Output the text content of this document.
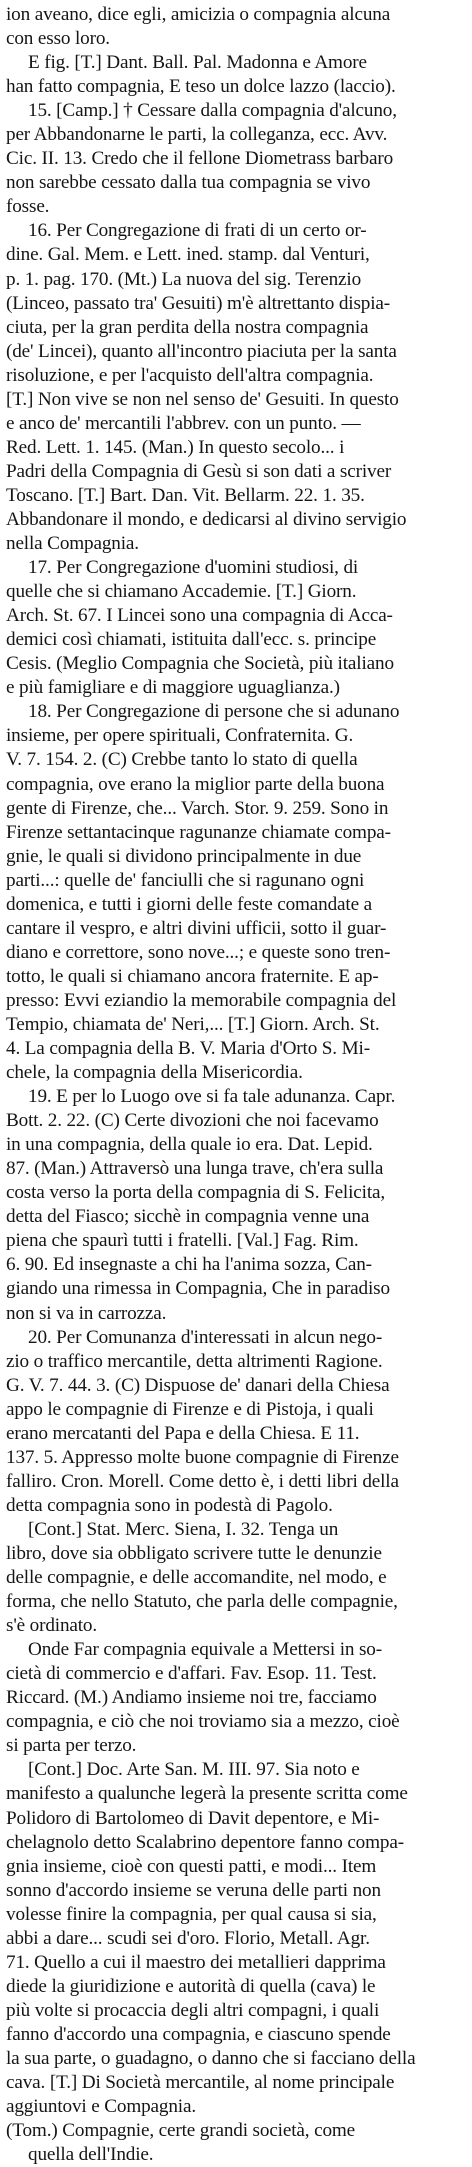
ion aveano, dice egli, amicizia o compagnia alcuna
con esso loro.
E fig. [T.] Dant. Ball. Pal. Madonna e Amore
han fatto compagnia, E teso un dolce lazzo (laccio).
15. [Camp.] † Cessare dalla compagnia d'alcuno,
per Abbandonarne le parti, la colleganza, ecc. Avv.
Cic. II. 13. Credo che il fellone Diometrass barbaro
non sarebbe cessato dalla tua compagnia se vivo
fosse.
16. Per Congregazione di frati di un certo or-
dine. Gal. Mem. e Lett. ined. stamp. dal Venturi,
p. 1. pag. 170. (Mt.) La nuova del sig. Terenzio
(Linceo, passato tra' Gesuiti) m'è altrettanto dispia-
ciuta, per la gran perdita della nostra compagnia
(de' Lincei), quanto all'incontro piaciuta per la santa
risoluzione, e per l'acquisto dell'altra compagnia.
[T.] Non vive se non nel senso de' Gesuiti. In questo
e anco de' mercantili l'abbrev. con un punto. —
Red. Lett. 1. 145. (Man.) In questo secolo... i
Padri della Compagnia di Gesù si son dati a scriver
Toscano. [T.] Bart. Dan. Vit. Bellarm. 22. 1. 35.
Abbandonare il mondo, e dedicarsi al divino servigio
nella Compagnia.
17. Per Congregazione d'uomini studiosi, di
quelle che si chiamano Accademie. [T.] Giorn.
Arch. St. 67. I Lincei sono una compagnia di Acca-
demici così chiamati, istituita dall'ecc. s. principe
Cesis. (Meglio Compagnia che Società, più italiano
e più famigliare e di maggiore uguaglianza.)
18. Per Congregazione di persone che si adunano
insieme, per opere spirituali, Confraternita. G.
V. 7. 154. 2. (C) Crebbe tanto lo stato di quella
compagnia, ove erano la miglior parte della buona
gente di Firenze, che... Varch. Stor. 9. 259. Sono in
Firenze settantacinque ragunanze chiamate compa-
gnie, le quali si dividono principalmente in due
parti...: quelle de' fanciulli che si ragunano ogni
domenica, e tutti i giorni delle feste comandate a
cantare il vespro, e altri divini ufficii, sotto il guar-
diano e correttore, sono nove...; e queste sono tren-
totto, le quali si chiamano ancora fraternite. E ap-
presso: Evvi eziandio la memorabile compagnia del
Tempio, chiamata de' Neri,... [T.] Giorn. Arch. St.
4. La compagnia della B. V. Maria d'Orto S. Mi-
chele, la compagnia della Misericordia.
19. E per lo Luogo ove si fa tale adunanza. Capr.
Bott. 2. 22. (C) Certe divozioni che noi facevamo
in una compagnia, della quale io era. Dat. Lepid.
87. (Man.) Attraversò una lunga trave, ch'era sulla
costa verso la porta della compagnia di S. Felicita,
detta del Fiasco; sicchè in compagnia venne una
piena che spaurì tutti i fratelli. [Val.] Fag. Rim.
6. 90. Ed insegnaste a chi ha l'anima sozza, Can-
giando una rimessa in Compagnia, Che in paradiso
non si va in carrozza.
20. Per Comunanza d'interessati in alcun nego-
zio o traffico mercantile, detta altrimenti Ragione.
G. V. 7. 44. 3. (C) Dispuose de' danari della Chiesa
appo le compagnie di Firenze e di Pistoja, i quali
erano mercatanti del Papa e della Chiesa. E 11.
137. 5. Appresso molte buone compagnie di Firenze
falliro. Cron. Morell. Come detto è, i detti libri della
detta compagnia sono in podestà di Pagolo.
[Cont.] Stat. Merc. Siena, I. 32. Tenga un
libro, dove sia obbligato scrivere tutte le denunzie
delle compagnie, e delle accomandite, nel modo, e
forma, che nello Statuto, che parla delle compagnie,
s'è ordinato.
Onde Far compagnia equivale a Mettersi in so-
cietà di commercio e d'affari. Fav. Esop. 11. Test.
Riccard. (M.) Andiamo insieme noi tre, facciamo
compagnia, e ciò che noi troviamo sia a mezzo, cioè
si parta per terzo.
[Cont.] Doc. Arte San. M. III. 97. Sia noto e
manifesto a qualunche legerà la presente scritta come
Polidoro di Bartolomeo di Davit depentore, e Mi-
chelagnolo detto Scalabrino depentore fanno compa-
gnia insieme, cioè con questi patti, e modi... Item
sonno d'accordo insieme se veruna delle parti non
volesse finire la compagnia, per qual causa si sia,
abbi a dare... scudi sei d'oro. Florio, Metall. Agr.
71. Quello a cui il maestro dei metallieri dapprima
diede la giuridizione e autorità di quella (cava) le
più volte si procaccia degli altri compagni, i quali
fanno d'accordo una compagnia, e ciascuno spende
la sua parte, o guadagno, o danno che si facciano della
cava. [T.] Di Società mercantile, al nome principale
aggiuntovi e Compagnia.
(Tom.) Compagnie, certe grandi società, come
quella dell'Indie.
